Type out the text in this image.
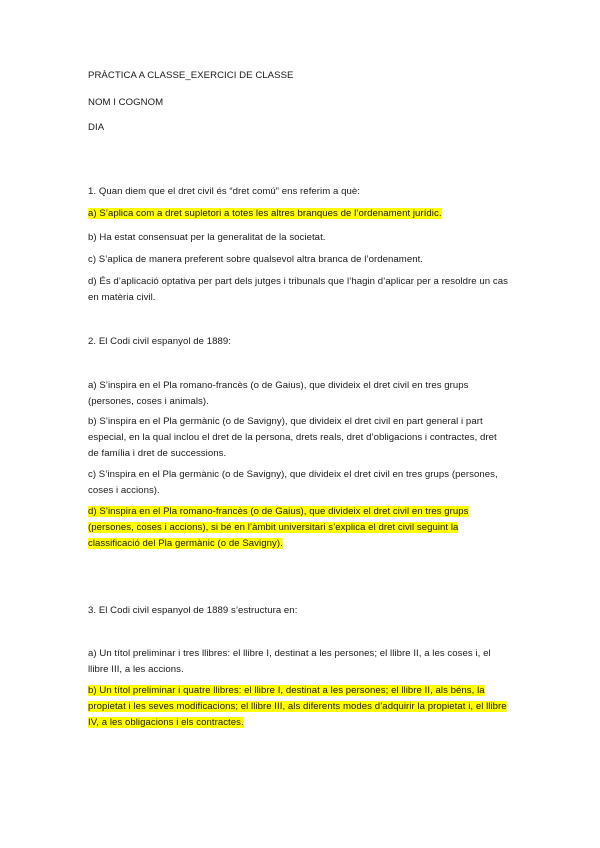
PRÀCTICA A CLASSE_EXERCICI DE CLASSE

NOM I COGNOM

DIA

1. Quan diem que el dret civil és “dret comú” ens referim a què:

a) S’aplica com a dret supletori a totes les altres branques de l’ordenament jurídic.

b) Ha estat consensuat per la generalitat de la societat.

c) S’aplica de manera preferent sobre qualsevol altra branca de l’ordenament.

d) És d’aplicació optativa per part dels jutges i tribunals que l’hagin d’aplicar per a resoldre un cas en matèria civil.

2. El Codi civil espanyol de 1889:

a) S’inspira en el Pla romano-francès (o de Gaius), que divideix el dret civil en tres grups (persones, coses i animals).

b) S’inspira en el Pla germànic (o de Savigny), que divideix el dret civil en part general i part especial, en la qual inclou el dret de la persona, drets reals, dret d’obligacions i contractes, dret de família i dret de successions.

c) S’inspira en el Pla germànic (o de Savigny), que divideix el dret civil en tres grups (persones, coses i accions).

d) S’inspira en el Pla romano-francès (o de Gaius), que divideix el dret civil en tres grups (persones, coses i accions), si bé en l’àmbit universitari s’explica el dret civil seguint la classificació del Pla germànic (o de Savigny).

3. El Codi civil espanyol de 1889 s’estructura en:

a) Un títol preliminar i tres llibres: el llibre I, destinat a les persones; el llibre II, a les coses i, el llibre III, a les accions.

b) Un títol preliminar i quatre llibres: el llibre I, destinat a les persones; el llibre II, als béns, la propietat i les seves modificacions; el llibre III, als diferents modes d’adquirir la propietat i, el llibre IV, a les obligacions i els contractes.
